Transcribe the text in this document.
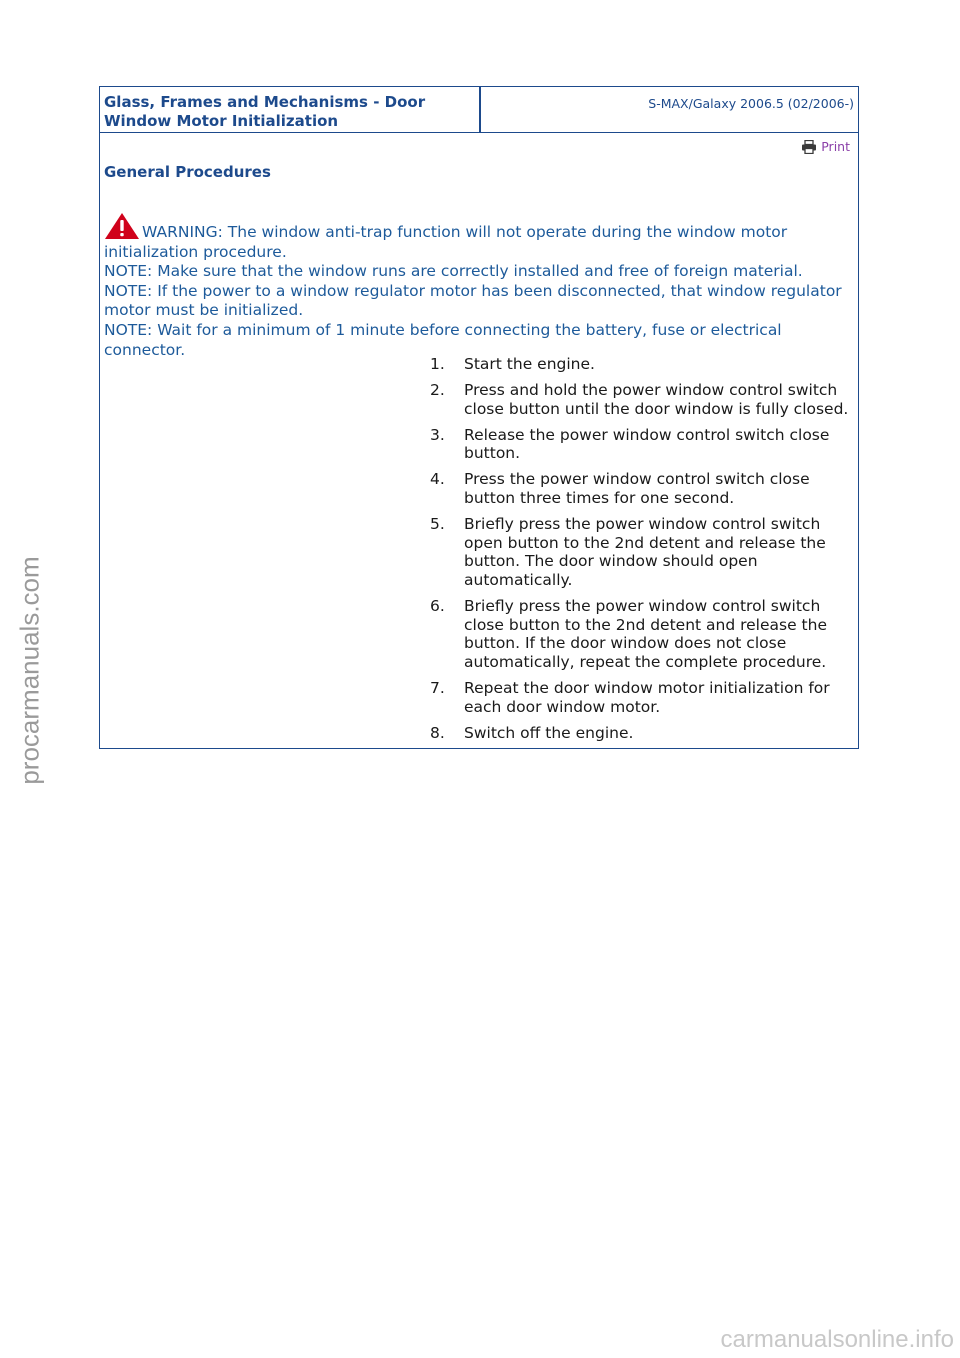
Glass, Frames and Mechanisms - Door Window Motor Initialization
S-MAX/Galaxy 2006.5 (02/2006-)
Print
General Procedures

WARNING: The window anti-trap function will not operate during the window motor initialization procedure.

NOTE: Make sure that the window runs are correctly installed and free of foreign material.

NOTE: If the power to a window regulator motor has been disconnected, that window regulator motor must be initialized.

NOTE: Wait for a minimum of 1 minute before connecting the battery, fuse or electrical connector.

1.	Start the engine.
2.	Press and hold the power window control switch close button until the door window is fully closed.
3.	Release the power window control switch close button.
4.	Press the power window control switch close button three times for one second.
5.	Briefly press the power window control switch open button to the 2nd detent and release the button. The door window should open automatically.
6.	Briefly press the power window control switch close button to the 2nd detent and release the button. If the door window does not close automatically, repeat the complete procedure.
7.	Repeat the door window motor initialization for each door window motor.
8.	Switch off the engine.
procarmanuals.com
carmanualsonline.info
